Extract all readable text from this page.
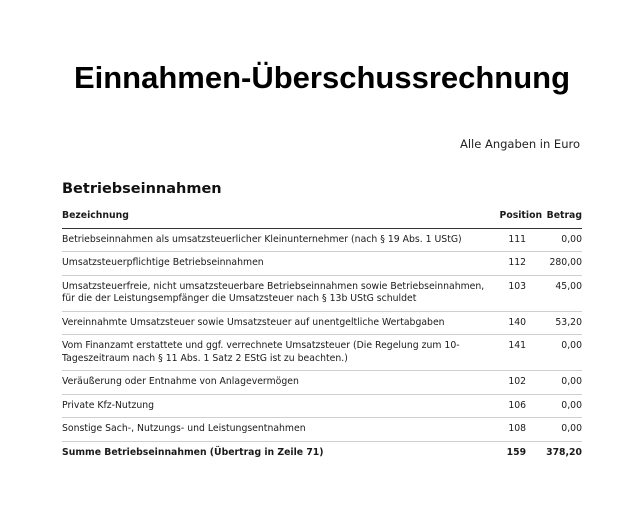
Einnahmen-Überschussrechnung
Alle Angaben in Euro
Betriebseinnahmen
Bezeichnung	Position	Betrag
Betriebseinnahmen als umsatzsteuerlicher Kleinunternehmer (nach § 19 Abs. 1 UStG)	111	0,00
Umsatzsteuerpflichtige Betriebseinnahmen	112	280,00
Umsatzsteuerfreie, nicht umsatzsteuerbare Betriebseinnahmen sowie Betriebseinnahmen, für die der Leistungsempfänger die Umsatzsteuer nach § 13b UStG schuldet	103	45,00
Vereinnahmte Umsatzsteuer sowie Umsatzsteuer auf unentgeltliche Wertabgaben	140	53,20
Vom Finanzamt erstattete und ggf. verrechnete Umsatzsteuer (Die Regelung zum 10-Tageszeitraum nach § 11 Abs. 1 Satz 2 EStG ist zu beachten.)	141	0,00
Veräußerung oder Entnahme von Anlagevermögen	102	0,00
Private Kfz-Nutzung	106	0,00
Sonstige Sach-, Nutzungs- und Leistungsentnahmen	108	0,00
Summe Betriebseinnahmen (Übertrag in Zeile 71)	159	378,20
